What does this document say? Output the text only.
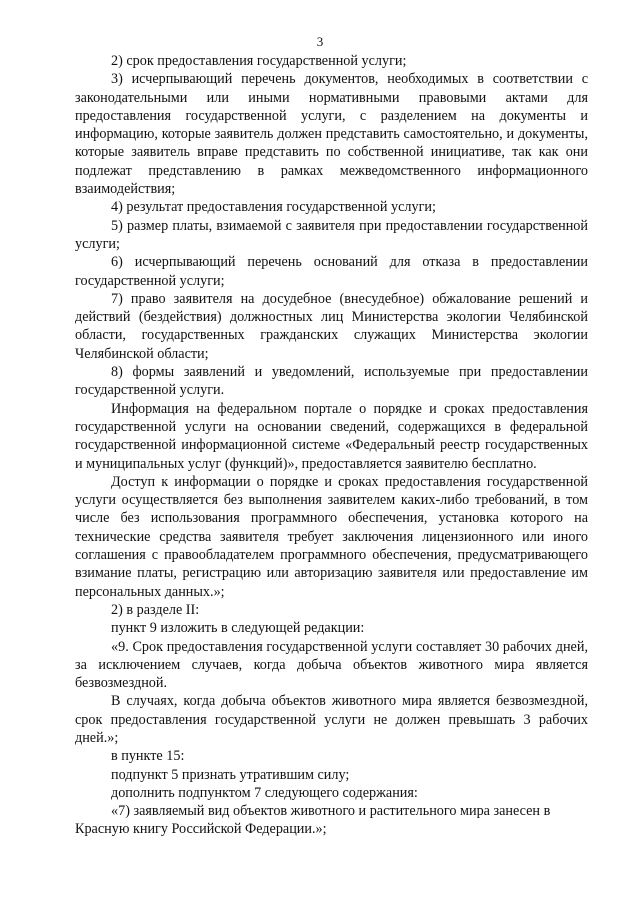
3

2) срок предоставления государственной услуги;

3) исчерпывающий перечень документов, необходимых в соответствии с законодательными или иными нормативными правовыми актами для предоставления государственной услуги, с разделением на документы и информацию, которые заявитель должен представить самостоятельно, и документы, которые заявитель вправе представить по собственной инициативе, так как они подлежат представлению в рамках межведомственного информационного взаимодействия;

4) результат предоставления государственной услуги;

5) размер платы, взимаемой с заявителя при предоставлении государственной услуги;

6) исчерпывающий перечень оснований для отказа в предоставлении государственной услуги;

7) право заявителя на досудебное (внесудебное) обжалование решений и действий (бездействия) должностных лиц Министерства экологии Челябинской области, государственных гражданских служащих Министерства экологии Челябинской области;

8) формы заявлений и уведомлений, используемые при предоставлении государственной услуги.

Информация на федеральном портале о порядке и сроках предоставления государственной услуги на основании сведений, содержащихся в федеральной государственной информационной системе «Федеральный реестр государственных и муниципальных услуг (функций)», предоставляется заявителю бесплатно.

Доступ к информации о порядке и сроках предоставления государственной услуги осуществляется без выполнения заявителем каких-либо требований, в том числе без использования программного обеспечения, установка которого на технические средства заявителя требует заключения лицензионного или иного соглашения с правообладателем программного обеспечения, предусматривающего взимание платы, регистрацию или авторизацию заявителя или предоставление им персональных данных.»;

2) в разделе II:

пункт 9 изложить в следующей редакции:

«9. Срок предоставления государственной услуги составляет 30 рабочих дней, за исключением случаев, когда добыча объектов животного мира является безвозмездной.

В случаях, когда добыча объектов животного мира является безвозмездной, срок предоставления государственной услуги не должен превышать 3 рабочих дней.»;

в пункте 15:

подпункт 5 признать утратившим силу;

дополнить подпунктом 7 следующего содержания:

«7) заявляемый вид объектов животного и растительного мира занесен в Красную книгу Российской Федерации.»;
